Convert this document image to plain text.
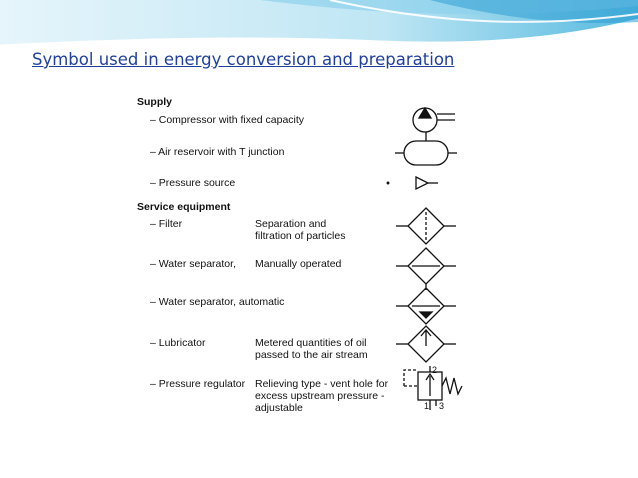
Symbol used in energy conversion and preparation
Supply
– Compressor with fixed capacity
– Air reservoir with T junction
– Pressure source
Service equipment
– Filter	Separation and
filtration of particles
– Water separator, Manually operated
– Water separator, automatic
– Lubricator	Metered quantities of oil
passed to the air stream
– Pressure regulator Relieving type - vent hole for
excess upstream pressure -
adjustable
2
1 3
